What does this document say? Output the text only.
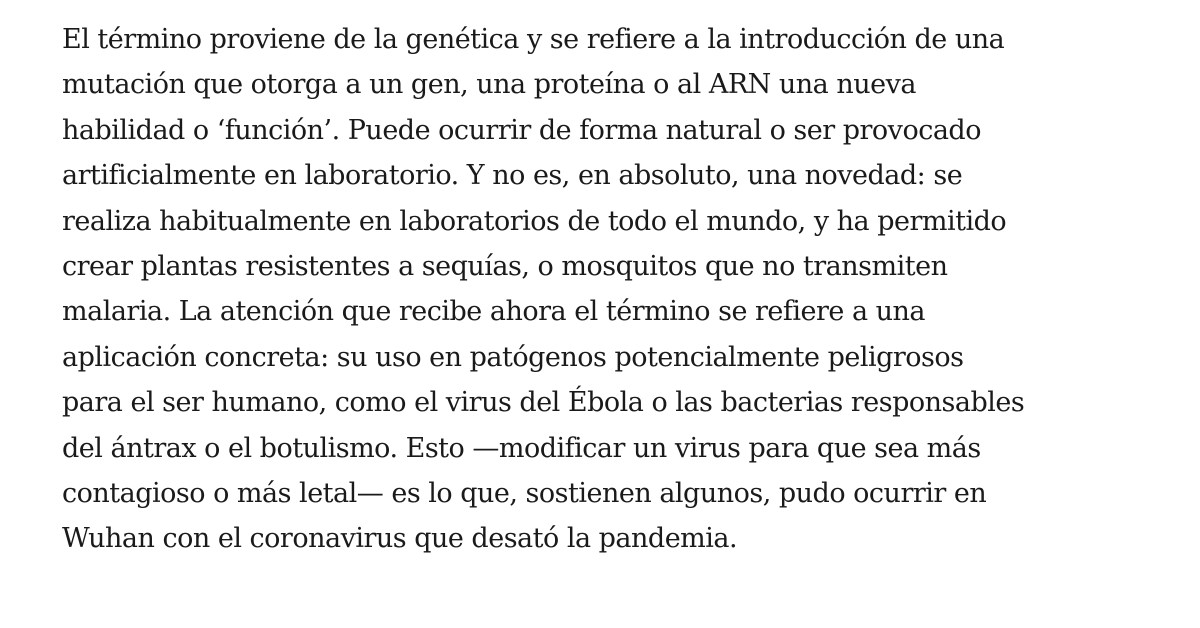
El término proviene de la genética y se refiere a la introducción de una
mutación que otorga a un gen, una proteína o al ARN una nueva
habilidad o ‘función’. Puede ocurrir de forma natural o ser provocado
artificialmente en laboratorio. Y no es, en absoluto, una novedad: se
realiza habitualmente en laboratorios de todo el mundo, y ha permitido
crear plantas resistentes a sequías, o mosquitos que no transmiten
malaria. La atención que recibe ahora el término se refiere a una
aplicación concreta: su uso en patógenos potencialmente peligrosos
para el ser humano, como el virus del Ébola o las bacterias responsables
del ántrax o el botulismo. Esto —modificar un virus para que sea más
contagioso o más letal— es lo que, sostienen algunos, pudo ocurrir en
Wuhan con el coronavirus que desató la pandemia.
